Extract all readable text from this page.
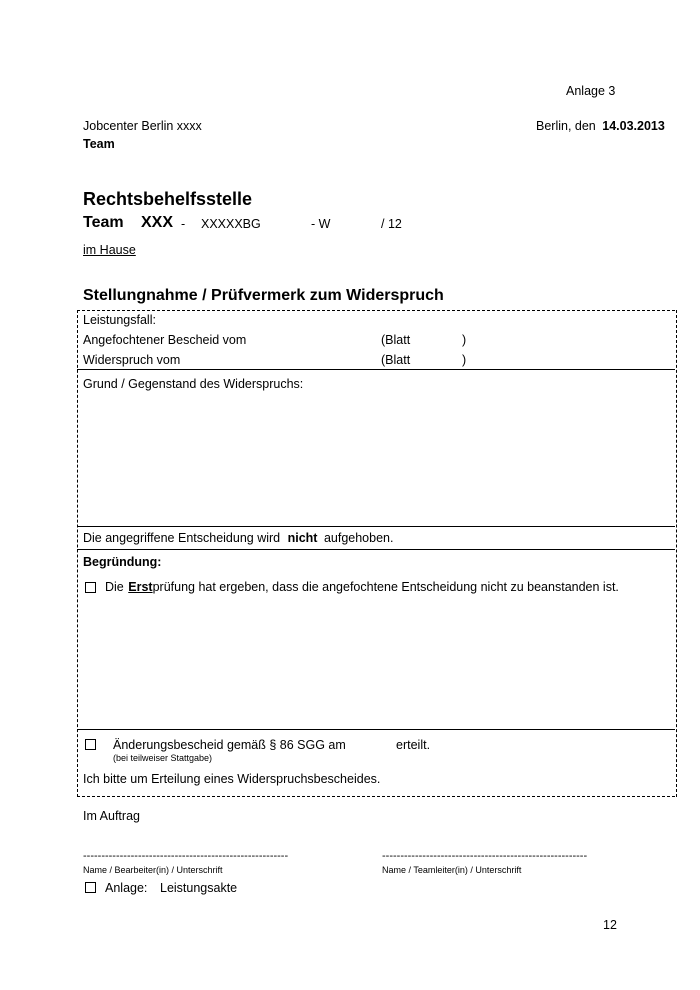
Anlage 3
Jobcenter Berlin xxxx
Team
Berlin, den 14.03.2013
Rechtsbehelfsstelle
Team XXX - XXXXXBG	- W	/ 12
im Hause
Stellungnahme / Prüfvermerk zum Widerspruch
Leistungsfall:
Angefochtener Bescheid vom	(Blatt	)
Widerspruch vom	(Blatt	)
Grund / Gegenstand des Widerspruchs:
Die angegriffene Entscheidung wird nicht aufgehoben.
Begründung:
Die Erstprüfung hat ergeben, dass die angefochtene Entscheidung nicht zu beanstanden ist.
Änderungsbescheid gemäß § 86 SGG am	erteilt.
(bei teilweiser Stattgabe)
Ich bitte um Erteilung eines Widerspruchsbescheides.
Im Auftrag
--------------------------------------------------------	--------------------------------------------------------
Name / Bearbeiter(in) / Unterschrift	Name / Teamleiter(in) / Unterschrift
Anlage: Leistungsakte
12
